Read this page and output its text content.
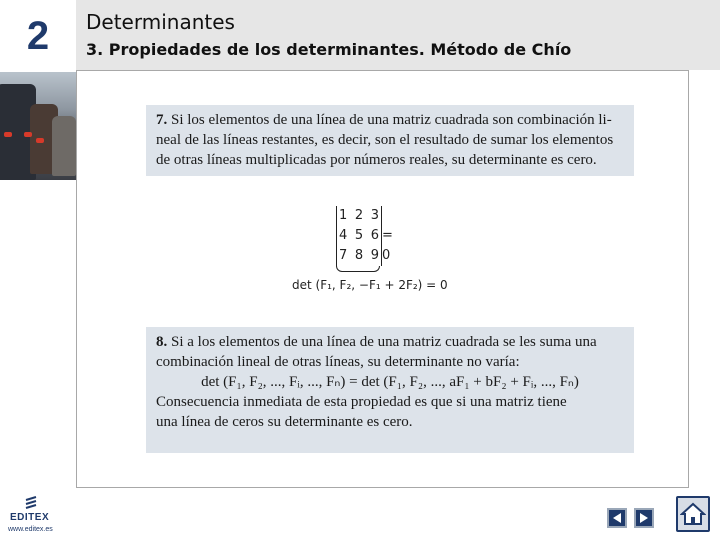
2	Determinantes
3. Propiedades de los determinantes. Método de Chío
7. Si los elementos de una línea de una matriz cuadrada son combinación li-
neal de las líneas restantes, es decir, son el resultado de sumar los elementos
de otras líneas multiplicadas por números reales, su determinante es cero.
1 2 3
4 5 6
7 8 9
= 0
det (F₁, F₂, −F₁ + 2F₂) = 0
8. Si a los elementos de una línea de una matriz cuadrada se les suma una
combinación lineal de otras líneas, su determinante no varía:
det (F₁, F₂, ..., Fᵢ, ..., Fₙ) = det (F₁, F₂, ..., aF₁ + bF₂ + Fᵢ, ..., Fₙ)
Consecuencia inmediata de esta propiedad es que si una matriz tiene
una línea de ceros su determinante es cero.
EDITEX
www.editex.es
